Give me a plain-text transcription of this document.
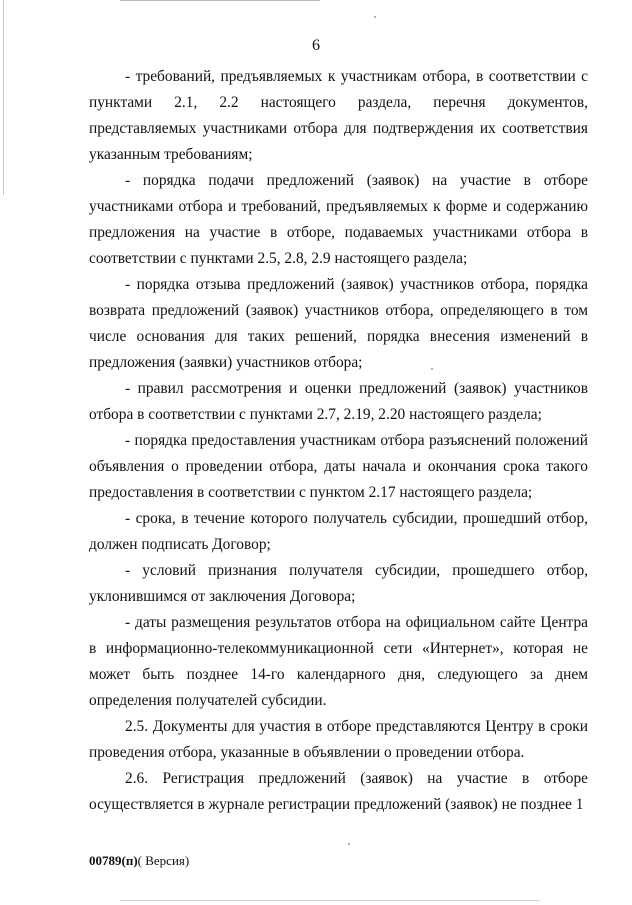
6

- требований, предъявляемых к участникам отбора, в соответствии с пунктами 2.1, 2.2 настоящего раздела, перечня документов, представляемых участниками отбора для подтверждения их соответствия указанным требованиям;

- порядка подачи предложений (заявок) на участие в отборе участниками отбора и требований, предъявляемых к форме и содержанию предложения на участие в отборе, подаваемых участниками отбора в соответствии с пунктами 2.5, 2.8, 2.9 настоящего раздела;

- порядка отзыва предложений (заявок) участников отбора, порядка возврата предложений (заявок) участников отбора, определяющего в том числе основания для таких решений, порядка внесения изменений в предложения (заявки) участников отбора;

- правил рассмотрения и оценки предложений (заявок) участников отбора в соответствии с пунктами 2.7, 2.19, 2.20 настоящего раздела;

- порядка предоставления участникам отбора разъяснений положений объявления о проведении отбора, даты начала и окончания срока такого предоставления в соответствии с пунктом 2.17 настоящего раздела;

- срока, в течение которого получатель субсидии, прошедший отбор, должен подписать Договор;

- условий признания получателя субсидии, прошедшего отбор, уклонившимся от заключения Договора;

- даты размещения результатов отбора на официальном сайте Центра в информационно-телекоммуникационной сети «Интернет», которая не может быть позднее 14-го календарного дня, следующего за днем определения получателей субсидии.

2.5. Документы для участия в отборе представляются Центру в сроки проведения отбора, указанные в объявлении о проведении отбора.

2.6. Регистрация предложений (заявок) на участие в отборе осуществляется в журнале регистрации предложений (заявок) не позднее 1

00789(п)( Версия)
